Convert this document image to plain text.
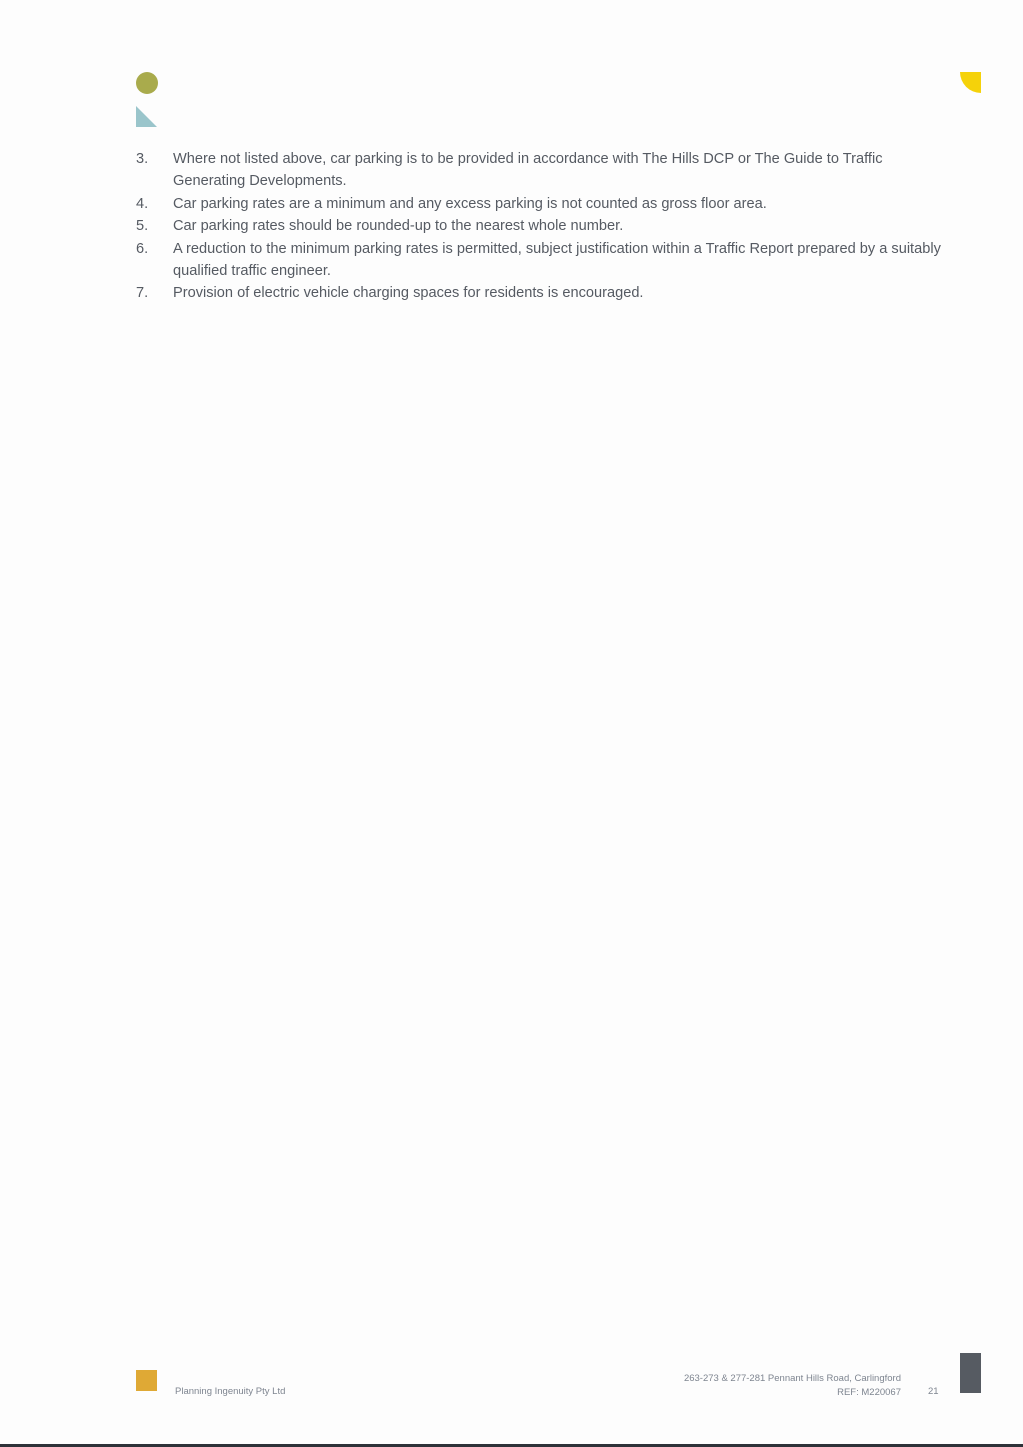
3.	Where not listed above, car parking is to be provided in accordance with The Hills DCP or The Guide to Traffic Generating Developments.
4.	Car parking rates are a minimum and any excess parking is not counted as gross floor area.
5.	Car parking rates should be rounded-up to the nearest whole number.
6.	A reduction to the minimum parking rates is permitted, subject justification within a Traffic Report prepared by a suitably qualified traffic engineer.
7.	Provision of electric vehicle charging spaces for residents is encouraged.
Planning Ingenuity Pty Ltd
263-273 & 277-281 Pennant Hills Road, Carlingford
REF: M220067	21
